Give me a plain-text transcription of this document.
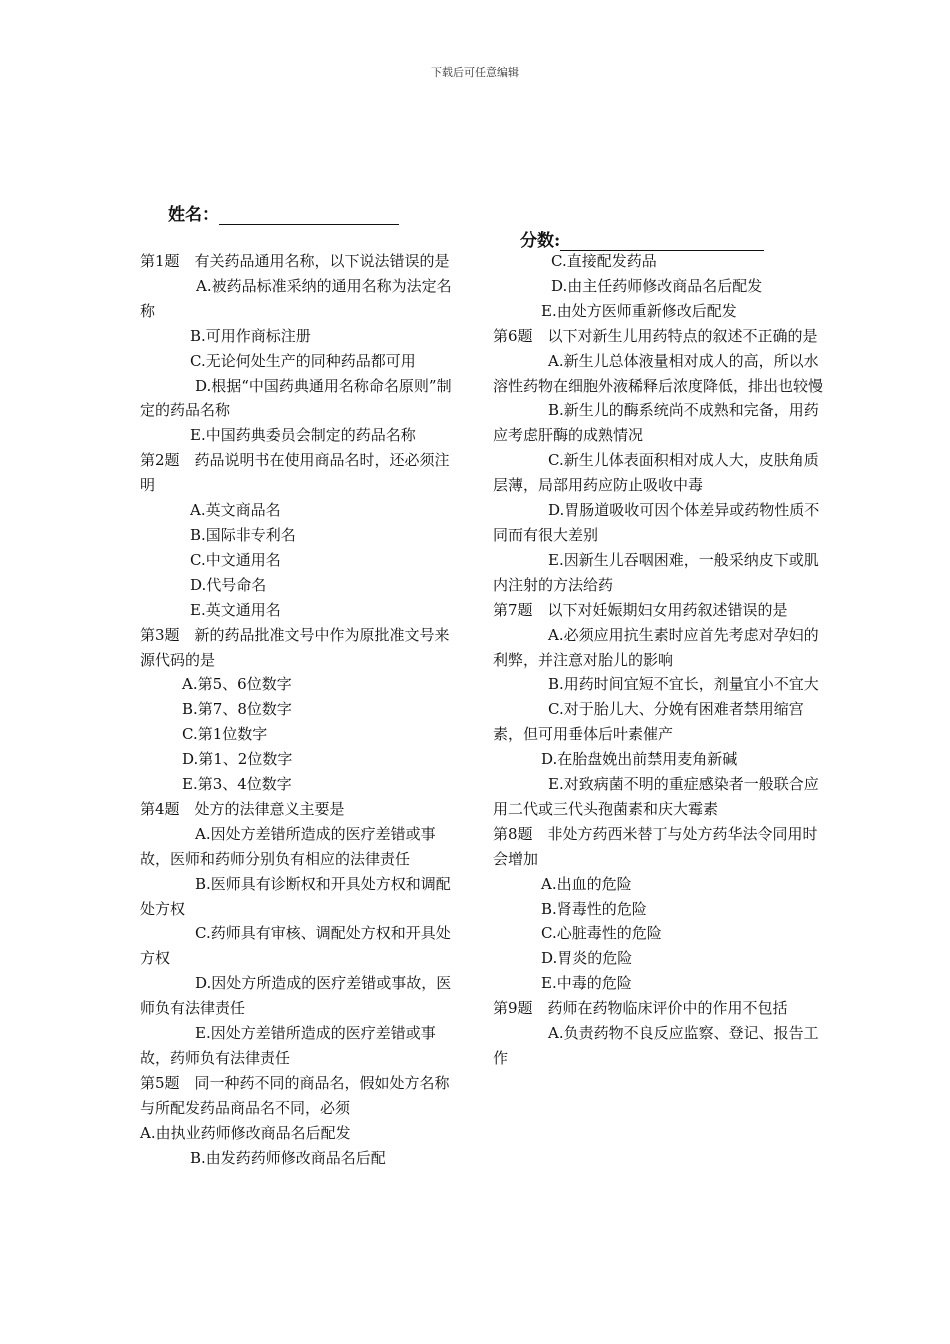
下载后可任意编辑
姓名：
分数:
第1题　有关药品通用名称，以下说法错误的是
A.被药品标准采纳的通用名称为法定名称
B.可用作商标注册
C.无论何处生产的同种药品都可用
D.根据“中国药典通用名称命名原则”制定的药品名称
E.中国药典委员会制定的药品名称
第2题　药品说明书在使用商品名时，还必须注明
A.英文商品名
B.国际非专利名
C.中文通用名
D.代号命名
E.英文通用名
第3题　新的药品批准文号中作为原批准文号来源代码的是
A.第5、6位数字
B.第7、8位数字
C.第1位数字
D.第1、2位数字
E.第3、4位数字
第4题　处方的法律意义主要是
A.因处方差错所造成的医疗差错或事故，医师和药师分别负有相应的法律责任
B.医师具有诊断权和开具处方权和调配处方权
C.药师具有审核、调配处方权和开具处方权
D.因处方所造成的医疗差错或事故，医师负有法律责任
E.因处方差错所造成的医疗差错或事故，药师负有法律责任
第5题　同一种药不同的商品名，假如处方名称与所配发药品商品名不同，必须
A.由执业药师修改商品名后配发
B.由发药药师修改商品名后配
C.直接配发药品
D.由主任药师修改商品名后配发
E.由处方医师重新修改后配发
第6题　以下对新生儿用药特点的叙述不正确的是
A.新生儿总体液量相对成人的高，所以水溶性药物在细胞外液稀释后浓度降低，排出也较慢
B.新生儿的酶系统尚不成熟和完备，用药应考虑肝酶的成熟情况
C.新生儿体表面积相对成人大，皮肤角质层薄，局部用药应防止吸收中毒
D.胃肠道吸收可因个体差异或药物性质不同而有很大差别
E.因新生儿吞咽困难，一般采纳皮下或肌内注射的方法给药
第7题　以下对妊娠期妇女用药叙述错误的是
A.必须应用抗生素时应首先考虑对孕妇的利弊，并注意对胎儿的影响
B.用药时间宜短不宜长，剂量宜小不宜大
C.对于胎儿大、分娩有困难者禁用缩宫素，但可用垂体后叶素催产
D.在胎盘娩出前禁用麦角新碱
E.对致病菌不明的重症感染者一般联合应用二代或三代头孢菌素和庆大霉素
第8题　非处方药西米替丁与处方药华法令同用时会增加
A.出血的危险
B.肾毒性的危险
C.心脏毒性的危险
D.胃炎的危险
E.中毒的危险
第9题　药师在药物临床评价中的作用不包括
A.负责药物不良反应监察、登记、报告工作
